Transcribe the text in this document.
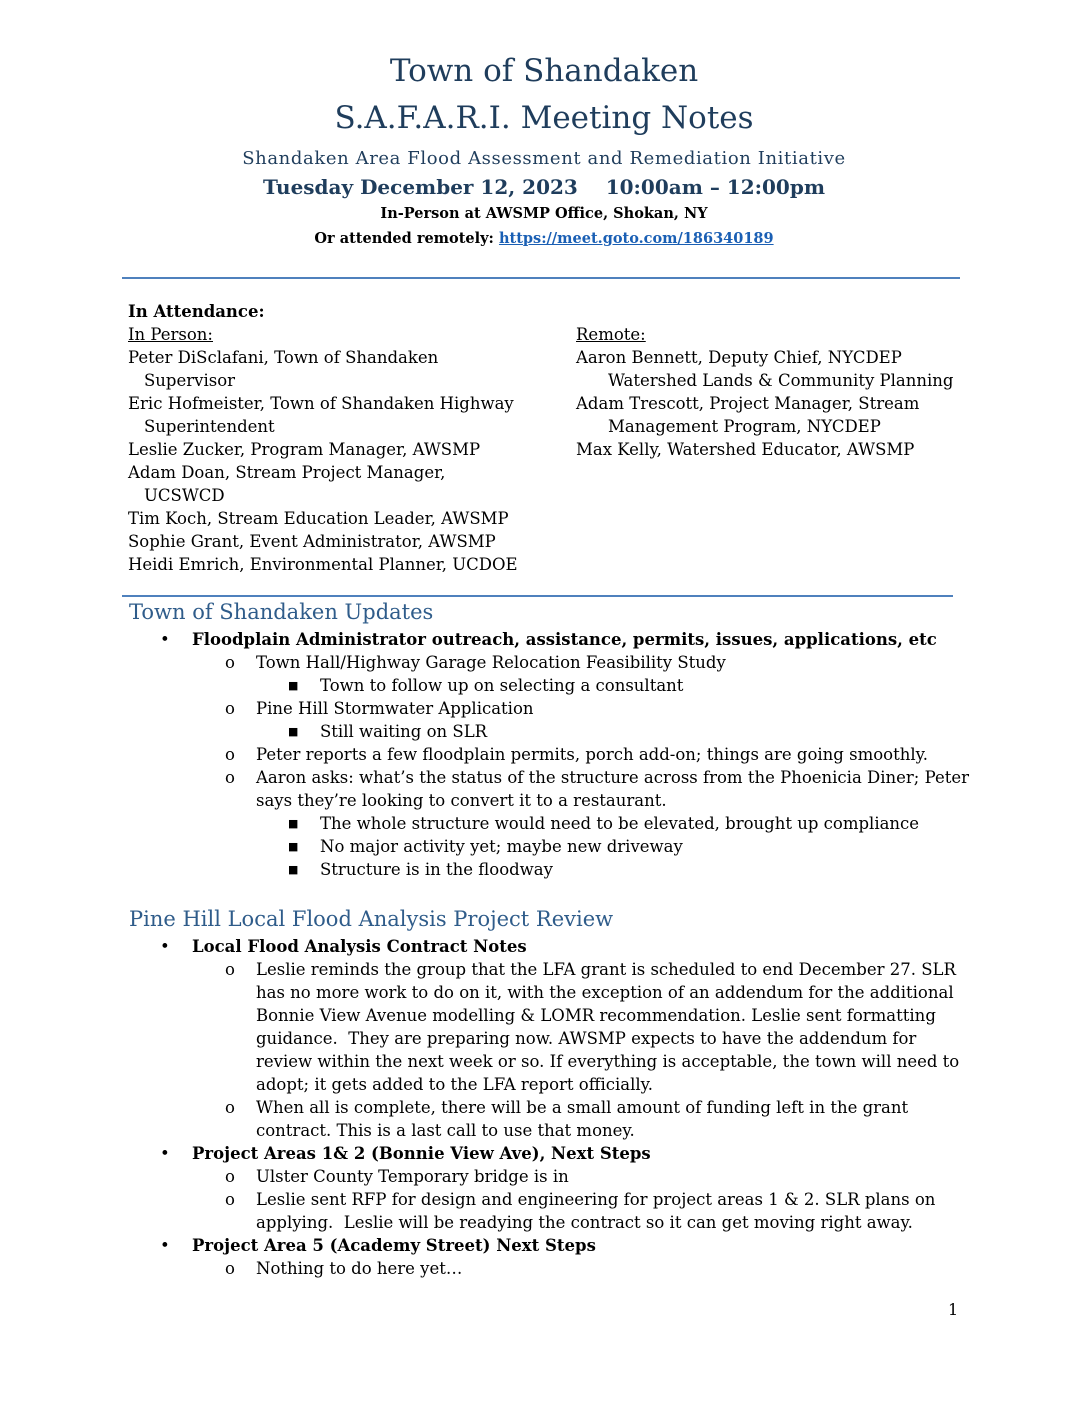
Town of Shandaken
S.A.F.A.R.I. Meeting Notes
Shandaken Area Flood Assessment and Remediation Initiative
Tuesday December 12, 2023    10:00am – 12:00pm
In-Person at AWSMP Office, Shokan, NY
Or attended remotely: https://meet.goto.com/186340189
In Attendance:
In Person:
Peter DiSclafani, Town of Shandaken
Supervisor
Eric Hofmeister, Town of Shandaken Highway
Superintendent
Leslie Zucker, Program Manager, AWSMP
Adam Doan, Stream Project Manager,
UCSWCD
Tim Koch, Stream Education Leader, AWSMP
Sophie Grant, Event Administrator, AWSMP
Heidi Emrich, Environmental Planner, UCDOE
Remote:
Aaron Bennett, Deputy Chief, NYCDEP
Watershed Lands & Community Planning
Adam Trescott, Project Manager, Stream
Management Program, NYCDEP
Max Kelly, Watershed Educator, AWSMP
Town of Shandaken Updates
• Floodplain Administrator outreach, assistance, permits, issues, applications, etc
o Town Hall/Highway Garage Relocation Feasibility Study
■ Town to follow up on selecting a consultant
o Pine Hill Stormwater Application
■ Still waiting on SLR
o Peter reports a few floodplain permits, porch add-on; things are going smoothly.
o Aaron asks: what’s the status of the structure across from the Phoenicia Diner; Peter
says they’re looking to convert it to a restaurant.
■ The whole structure would need to be elevated, brought up compliance
■ No major activity yet; maybe new driveway
■ Structure is in the floodway
Pine Hill Local Flood Analysis Project Review
• Local Flood Analysis Contract Notes
o Leslie reminds the group that the LFA grant is scheduled to end December 27. SLR
has no more work to do on it, with the exception of an addendum for the additional
Bonnie View Avenue modelling & LOMR recommendation. Leslie sent formatting
guidance.  They are preparing now. AWSMP expects to have the addendum for
review within the next week or so. If everything is acceptable, the town will need to
adopt; it gets added to the LFA report officially.
o When all is complete, there will be a small amount of funding left in the grant
contract. This is a last call to use that money.
• Project Areas 1& 2 (Bonnie View Ave), Next Steps
o Ulster County Temporary bridge is in
o Leslie sent RFP for design and engineering for project areas 1 & 2. SLR plans on
applying.  Leslie will be readying the contract so it can get moving right away.
• Project Area 5 (Academy Street) Next Steps
o Nothing to do here yet…
1
